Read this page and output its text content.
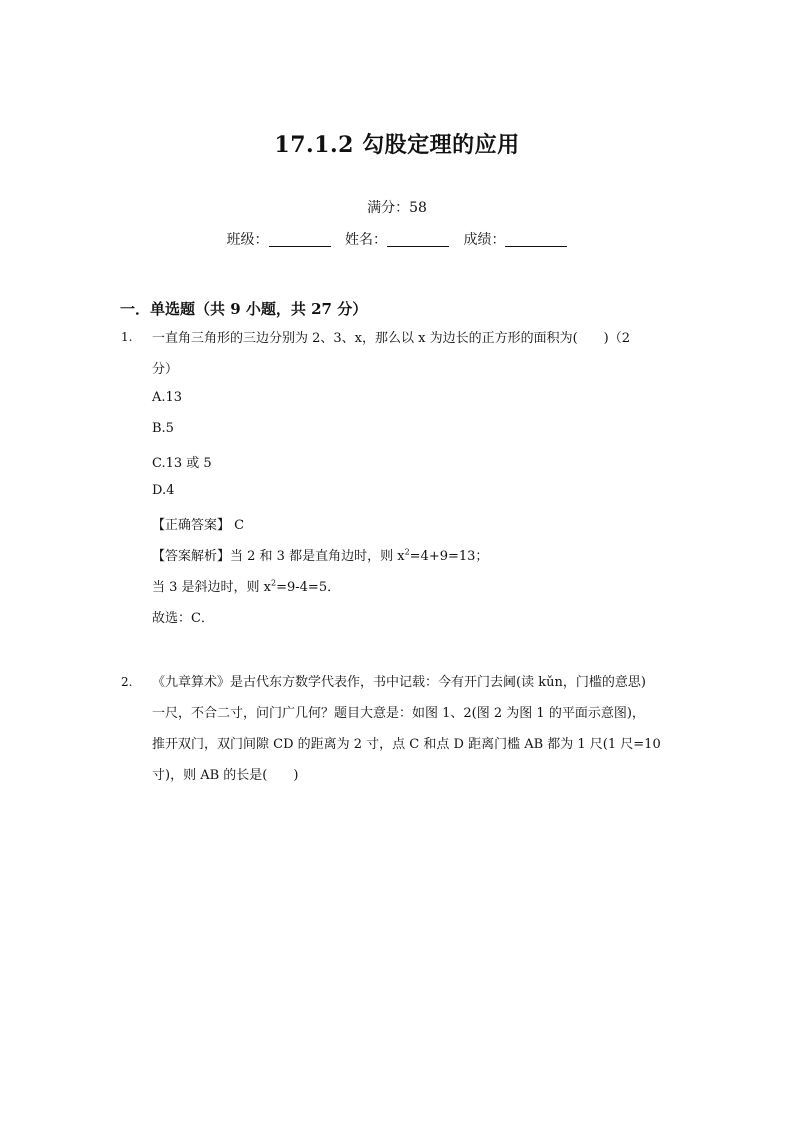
17.1.2 勾股定理的应用
满分：58
班级：	姓名：	成绩：
一．单选题（共 9 小题，共 27 分）
1. 一直角三角形的三边分别为 2、3、x，那么以 x 为边长的正方形的面积为(　　)（2
分）
A.13
B.5
C.13 或 5
D.4
【正确答案】 C
【答案解析】当 2 和 3 都是直角边时，则 $x^2=4+9=13$；
当 3 是斜边时，则 $x^2=9-4=5$．
故选：C．
2. 《九章算术》是古代东方数学代表作，书中记载：今有开门去阃(读 kǔn，门槛的意思)
一尺，不合二寸，问门广几何？题目大意是：如图 1、2(图 2 为图 1 的平面示意图)，
推开双门，双门间隙 CD 的距离为 2 寸，点 C 和点 D 距离门槛 AB 都为 1 尺(1 尺=10
寸)，则 AB 的长是(　　)
